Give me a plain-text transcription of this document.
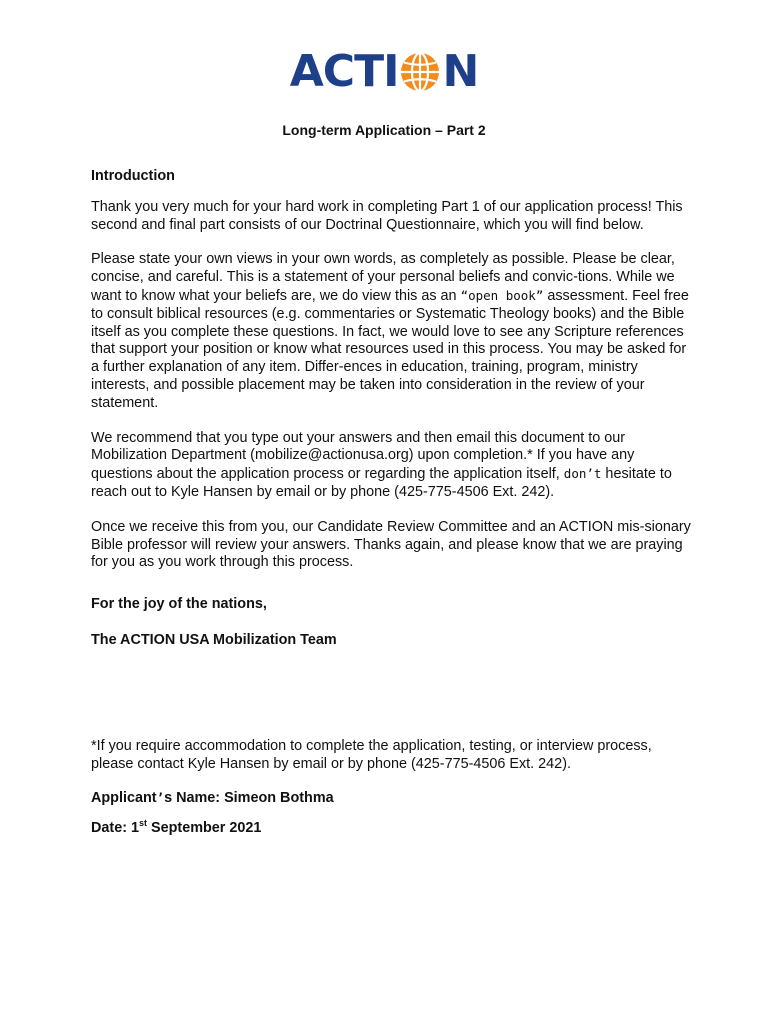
ACTI N
Long-term Application – Part 2
Introduction

Thank you very much for your hard work in completing Part 1 of our application process! This second and final part consists of our Doctrinal Questionnaire, which you will find below.

Please state your own views in your own words, as completely as possible. Please be clear, concise, and careful. This is a statement of your personal beliefs and convic-tions. While we want to know what your beliefs are, we do view this as an “open book” assessment. Feel free to consult biblical resources (e.g. commentaries or Systematic Theology books) and the Bible itself as you complete these questions. In fact, we would love to see any Scripture references that support your position or know what resources used in this process. You may be asked for a further explanation of any item. Differ-ences in education, training, program, ministry interests, and possible placement may be taken into consideration in the review of your statement.

We recommend that you type out your answers and then email this document to our Mobilization Department (mobilize@actionusa.org) upon completion.* If you have any questions about the application process or regarding the application itself, don’t hesitate to reach out to Kyle Hansen by email or by phone (425-775-4506 Ext. 242).

Once we receive this from you, our Candidate Review Committee and an ACTION mis-sionary Bible professor will review your answers. Thanks again, and please know that we are praying for you as you work through this process.

For the joy of the nations,
The ACTION USA Mobilization Team
*If you require accommodation to complete the application, testing, or interview process, please contact Kyle Hansen by email or by phone (425-775-4506 Ext. 242).
Applicant’s Name: Simeon Bothma
Date: 1st September 2021
